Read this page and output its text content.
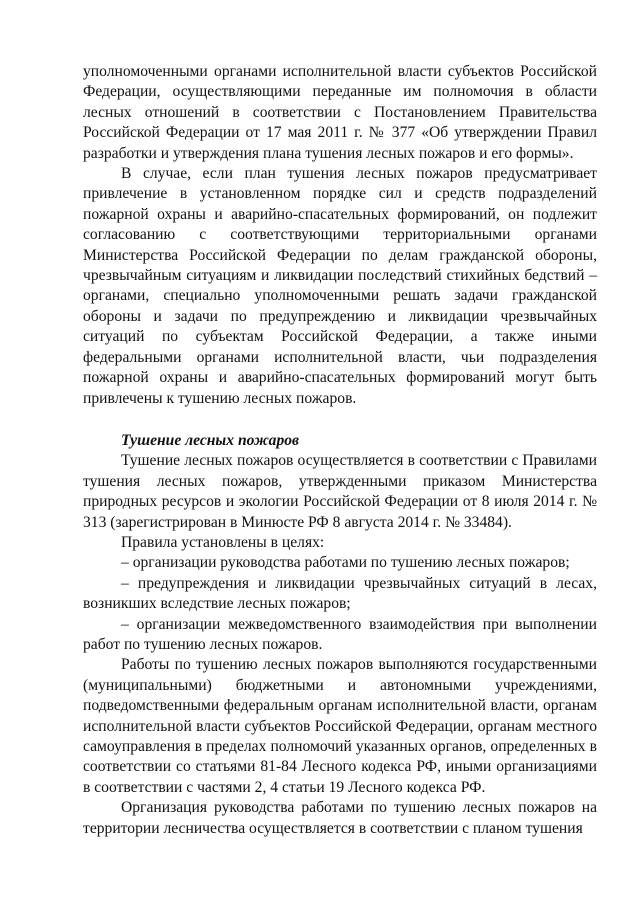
уполномоченными органами исполнительной власти субъектов Российской Федерации, осуществляющими переданные им полномочия в области лесных отношений в соответствии с Постановлением Правительства Российской Федерации от 17 мая 2011 г. № 377 «Об утверждении Правил разработки и утверждения плана тушения лесных пожаров и его формы».

В случае, если план тушения лесных пожаров предусматривает привлечение в установленном порядке сил и средств подразделений пожарной охраны и аварийно-спасательных формирований, он подлежит согласованию с соответствующими территориальными органами Министерства Российской Федерации по делам гражданской обороны, чрезвычайным ситуациям и ликвидации последствий стихийных бедствий – органами, специально уполномоченными решать задачи гражданской обороны и задачи по предупреждению и ликвидации чрезвычайных ситуаций по субъектам Российской Федерации, а также иными федеральными органами исполнительной власти, чьи подразделения пожарной охраны и аварийно-спасательных формирований могут быть привлечены к тушению лесных пожаров.

Тушение лесных пожаров

Тушение лесных пожаров осуществляется в соответствии с Правилами тушения лесных пожаров, утвержденными приказом Министерства природных ресурсов и экологии Российской Федерации от 8 июля 2014 г. № 313 (зарегистрирован в Минюсте РФ 8 августа 2014 г. № 33484).

Правила установлены в целях:

– организации руководства работами по тушению лесных пожаров;

– предупреждения и ликвидации чрезвычайных ситуаций в лесах, возникших вследствие лесных пожаров;

– организации межведомственного взаимодействия при выполнении работ по тушению лесных пожаров.

Работы по тушению лесных пожаров выполняются государственными (муниципальными) бюджетными и автономными учреждениями, подведомственными федеральным органам исполнительной власти, органам исполнительной власти субъектов Российской Федерации, органам местного самоуправления в пределах полномочий указанных органов, определенных в соответствии со статьями 81-84 Лесного кодекса РФ, иными организациями в соответствии с частями 2, 4 статьи 19 Лесного кодекса РФ.

Организация руководства работами по тушению лесных пожаров на территории лесничества осуществляется в соответствии с планом тушения
